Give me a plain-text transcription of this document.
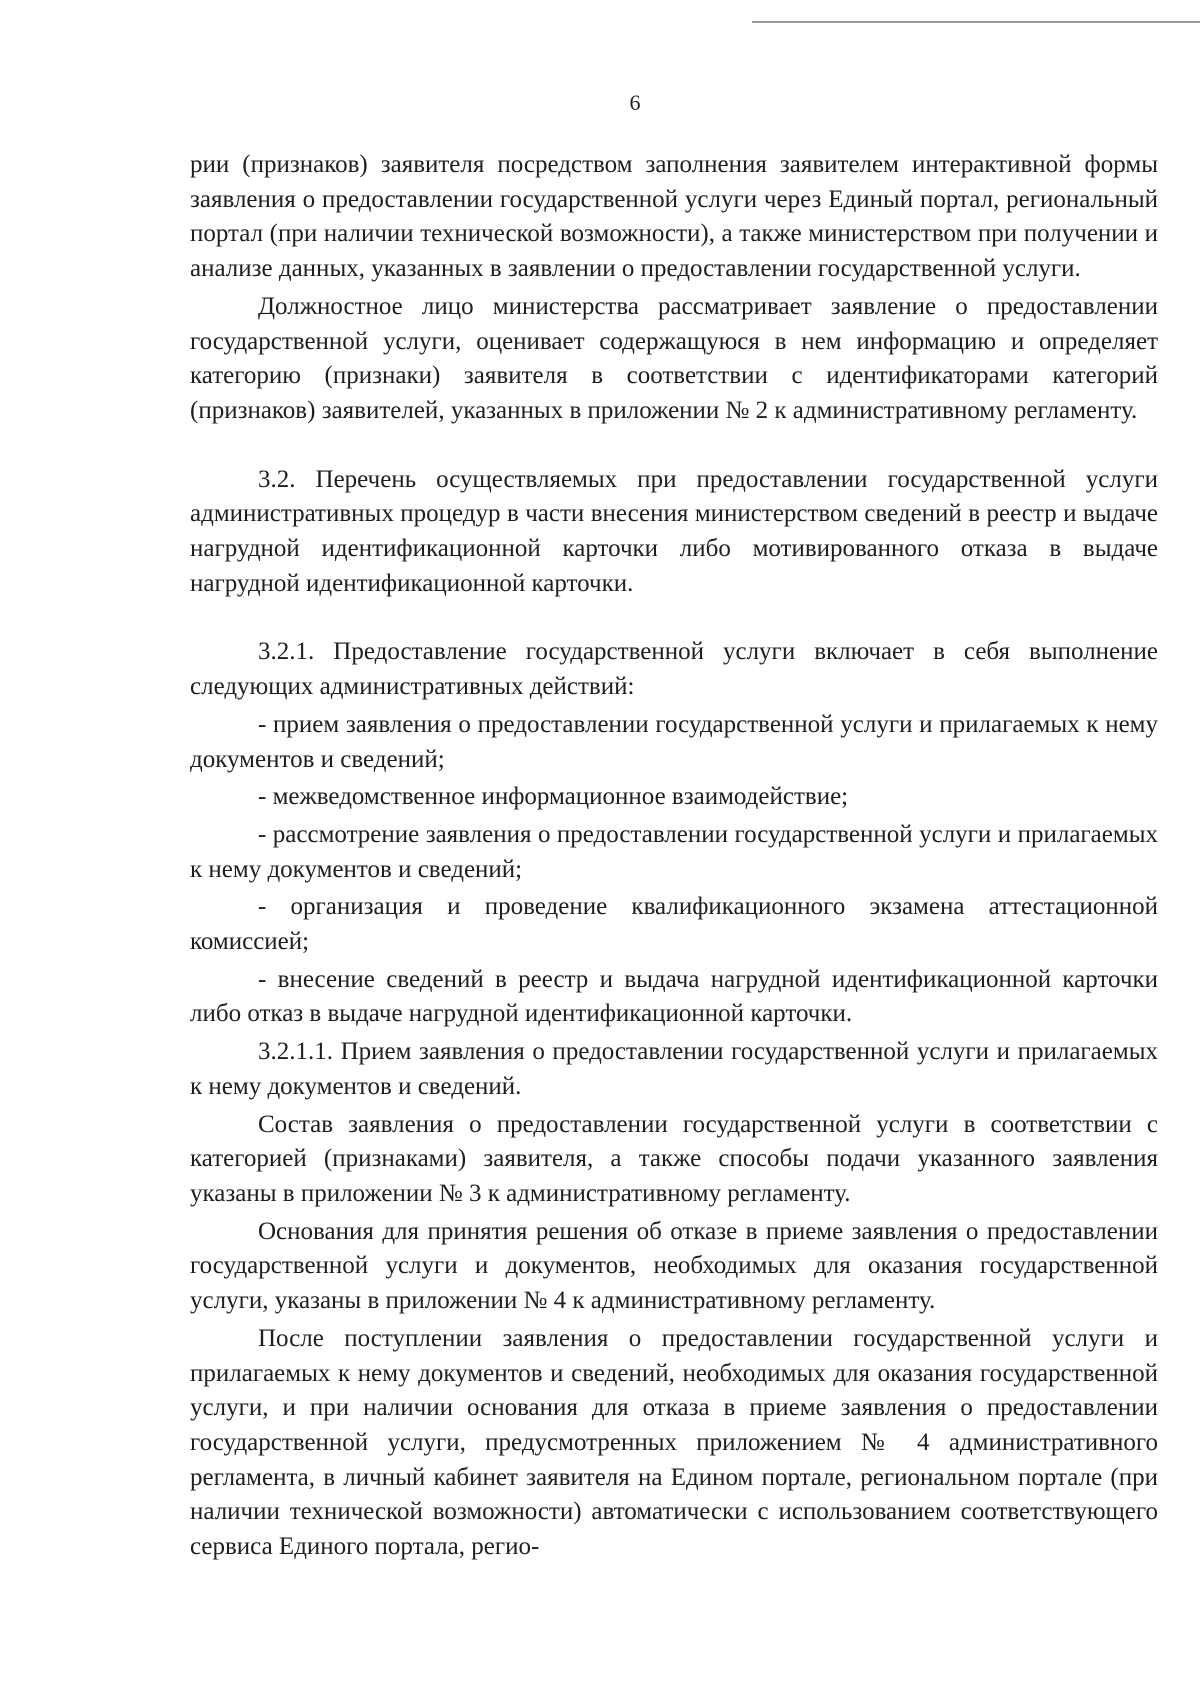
6

рии (признаков) заявителя посредством заполнения заявителем интерактивной формы заявления о предоставлении государственной услуги через Единый портал, региональный портал (при наличии технической возможности), а также министерством при получении и анализе данных, указанных в заявлении о предоставлении государственной услуги.

Должностное лицо министерства рассматривает заявление о предоставлении государственной услуги, оценивает содержащуюся в нем информацию и определяет категорию (признаки) заявителя в соответствии с идентификаторами категорий (признаков) заявителей, указанных в приложении № 2 к административному регламенту.

3.2. Перечень осуществляемых при предоставлении государственной услуги административных процедур в части внесения министерством сведений в реестр и выдаче нагрудной идентификационной карточки либо мотивированного отказа в выдаче нагрудной идентификационной карточки.

3.2.1. Предоставление государственной услуги включает в себя выполнение следующих административных действий:

- прием заявления о предоставлении государственной услуги и прилагаемых к нему документов и сведений;

- межведомственное информационное взаимодействие;

- рассмотрение заявления о предоставлении государственной услуги и прилагаемых к нему документов и сведений;

- организация и проведение квалификационного экзамена аттестационной комиссией;

- внесение сведений в реестр и выдача нагрудной идентификационной карточки либо отказ в выдаче нагрудной идентификационной карточки.

3.2.1.1. Прием заявления о предоставлении государственной услуги и прилагаемых к нему документов и сведений.

Состав заявления о предоставлении государственной услуги в соответствии с категорией (признаками) заявителя, а также способы подачи указанного заявления указаны в приложении № 3 к административному регламенту.

Основания для принятия решения об отказе в приеме заявления о предоставлении государственной услуги и документов, необходимых для оказания государственной услуги, указаны в приложении № 4 к административному регламенту.

После поступлении заявления о предоставлении государственной услуги и прилагаемых к нему документов и сведений, необходимых для оказания государственной услуги, и при наличии основания для отказа в приеме заявления о предоставлении государственной услуги, предусмотренных приложением № 4 административного регламента, в личный кабинет заявителя на Едином портале, региональном портале (при наличии технической возможности) автоматически с использованием соответствующего сервиса Единого портала, регио-
